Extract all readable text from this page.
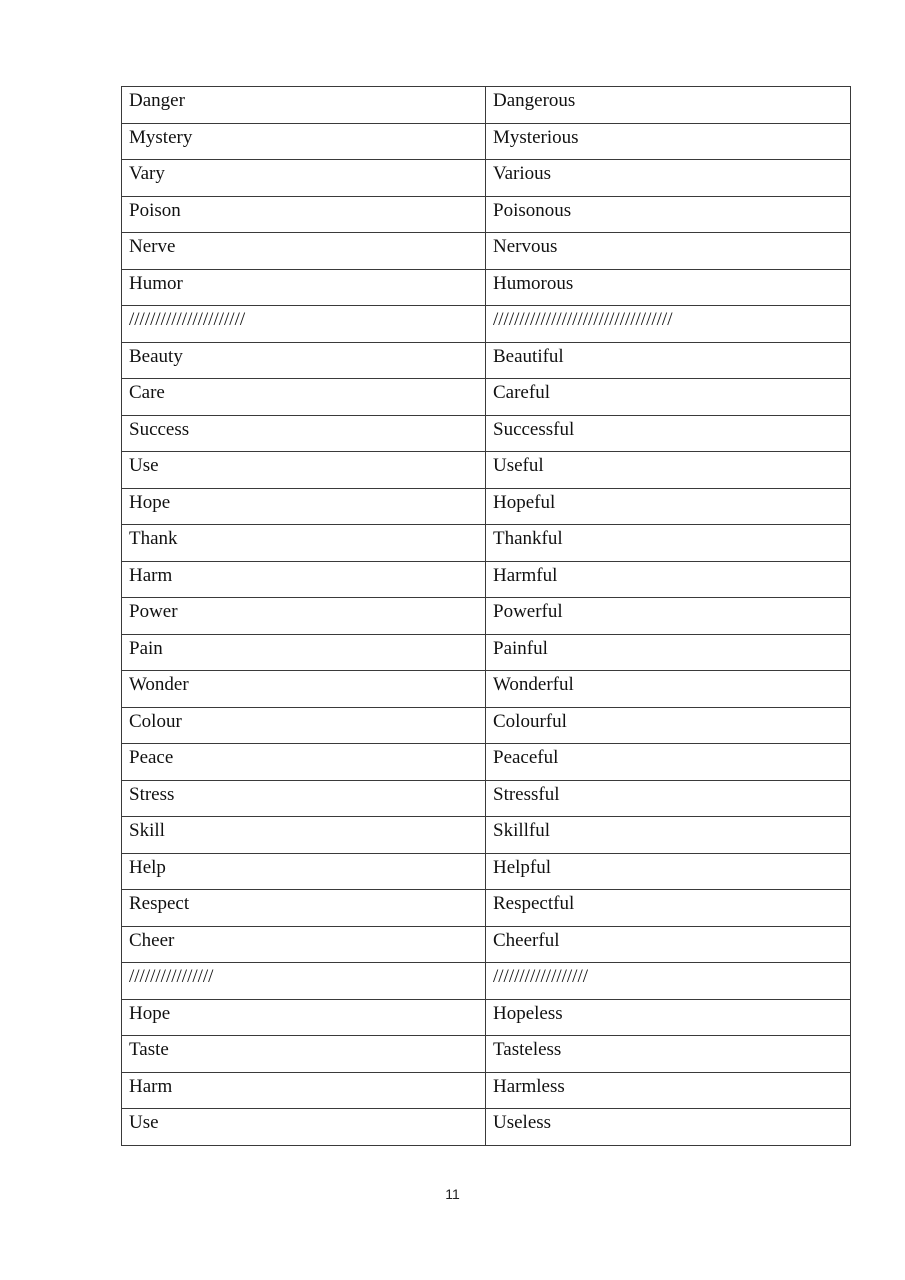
Danger	Dangerous
Mystery	Mysterious
Vary	Various
Poison	Poisonous
Nerve	Nervous
Humor	Humorous
//////////////////////	//////////////////////////////////
Beauty	Beautiful
Care	Careful
Success	Successful
Use	Useful
Hope	Hopeful
Thank	Thankful
Harm	Harmful
Power	Powerful
Pain	Painful
Wonder	Wonderful
Colour	Colourful
Peace	Peaceful
Stress	Stressful
Skill	Skillful
Help	Helpful
Respect	Respectful
Cheer	Cheerful
////////////////	//////////////////
Hope	Hopeless
Taste	Tasteless
Harm	Harmless
Use	Useless
11
